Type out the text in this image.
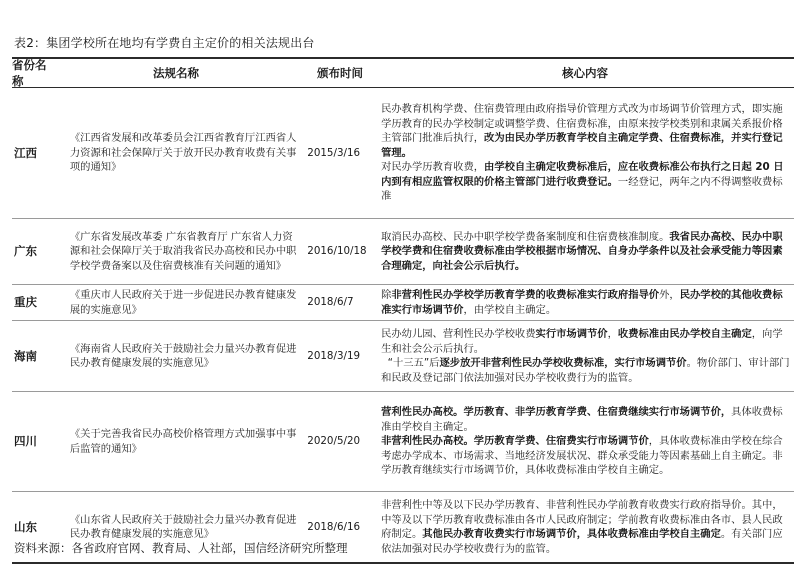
表2：集团学校所在地均有学费自主定价的相关法规出台
省份名称
法规名称	颁布时间	核心内容
江西
《江西省发展和改革委员会江西省教育厅江西省人力资源和社会保障厅关于放开民办教育收费有关事项的通知》
2015/3/16
民办教育机构学费、住宿费管理由政府指导价管理方式改为市场调节价管理方式，即实施学历教育的民办学校制定或调整学费、住宿费标准，由原来按学校类别和隶属关系报价格主管部门批准后执行，改为由民办学历教育学校自主确定学费、住宿费标准，并实行登记管理。
对民办学历教育收费，由学校自主确定收费标准后，应在收费标准公布执行之日起 20 日内到有相应监管权限的价格主管部门进行收费登记。一经登记，两年之内不得调整收费标准
广东
《广东省发展改革委 广东省教育厅 广东省人力资源和社会保障厅关于取消我省民办高校和民办中职学校学费备案以及住宿费核准有关问题的通知》
2016/10/18
取消民办高校、民办中职学校学费备案制度和住宿费核准制度。我省民办高校、民办中职学校学费和住宿费收费标准由学校根据市场情况、自身办学条件以及社会承受能力等因素合理确定，向社会公示后执行。
重庆
《重庆市人民政府关于进一步促进民办教育健康发展的实施意见》
2018/6/7
除非营利性民办学校学历教育学费的收费标准实行政府指导价外，民办学校的其他收费标准实行市场调节价，由学校自主确定。
海南
《海南省人民政府关于鼓励社会力量兴办教育促进民办教育健康发展的实施意见》
2018/3/19
民办幼儿园、营利性民办学校收费实行市场调节价，收费标准由民办学校自主确定，向学生和社会公示后执行。
“十三五”后逐步放开非营利性民办学校收费标准，实行市场调节价。物价部门、审计部门和民政及登记部门依法加强对民办学校收费行为的监管。
四川
《关于完善我省民办高校价格管理方式加强事中事后监管的通知》
2020/5/20
营利性民办高校。学历教育、非学历教育学费、住宿费继续实行市场调节价，具体收费标准由学校自主确定。
非营利性民办高校。学历教育学费、住宿费实行市场调节价，具体收费标准由学校在综合考虑办学成本、市场需求、当地经济发展状况、群众承受能力等因素基础上自主确定。非学历教育继续实行市场调节价，具体收费标准由学校自主确定。
山东
《山东省人民政府关于鼓励社会力量兴办教育促进民办教育健康发展的实施意见》
2018/6/16
非营利性中等及以下民办学历教育、非营利性民办学前教育收费实行政府指导价。其中，中等及以下学历教育收费标准由各市人民政府制定；学前教育收费标准由各市、县人民政府制定。其他民办教育收费实行市场调节价，具体收费标准由学校自主确定。有关部门应依法加强对民办学校收费行为的监管。
资料来源：各省政府官网、教育局、人社部，国信经济研究所整理
